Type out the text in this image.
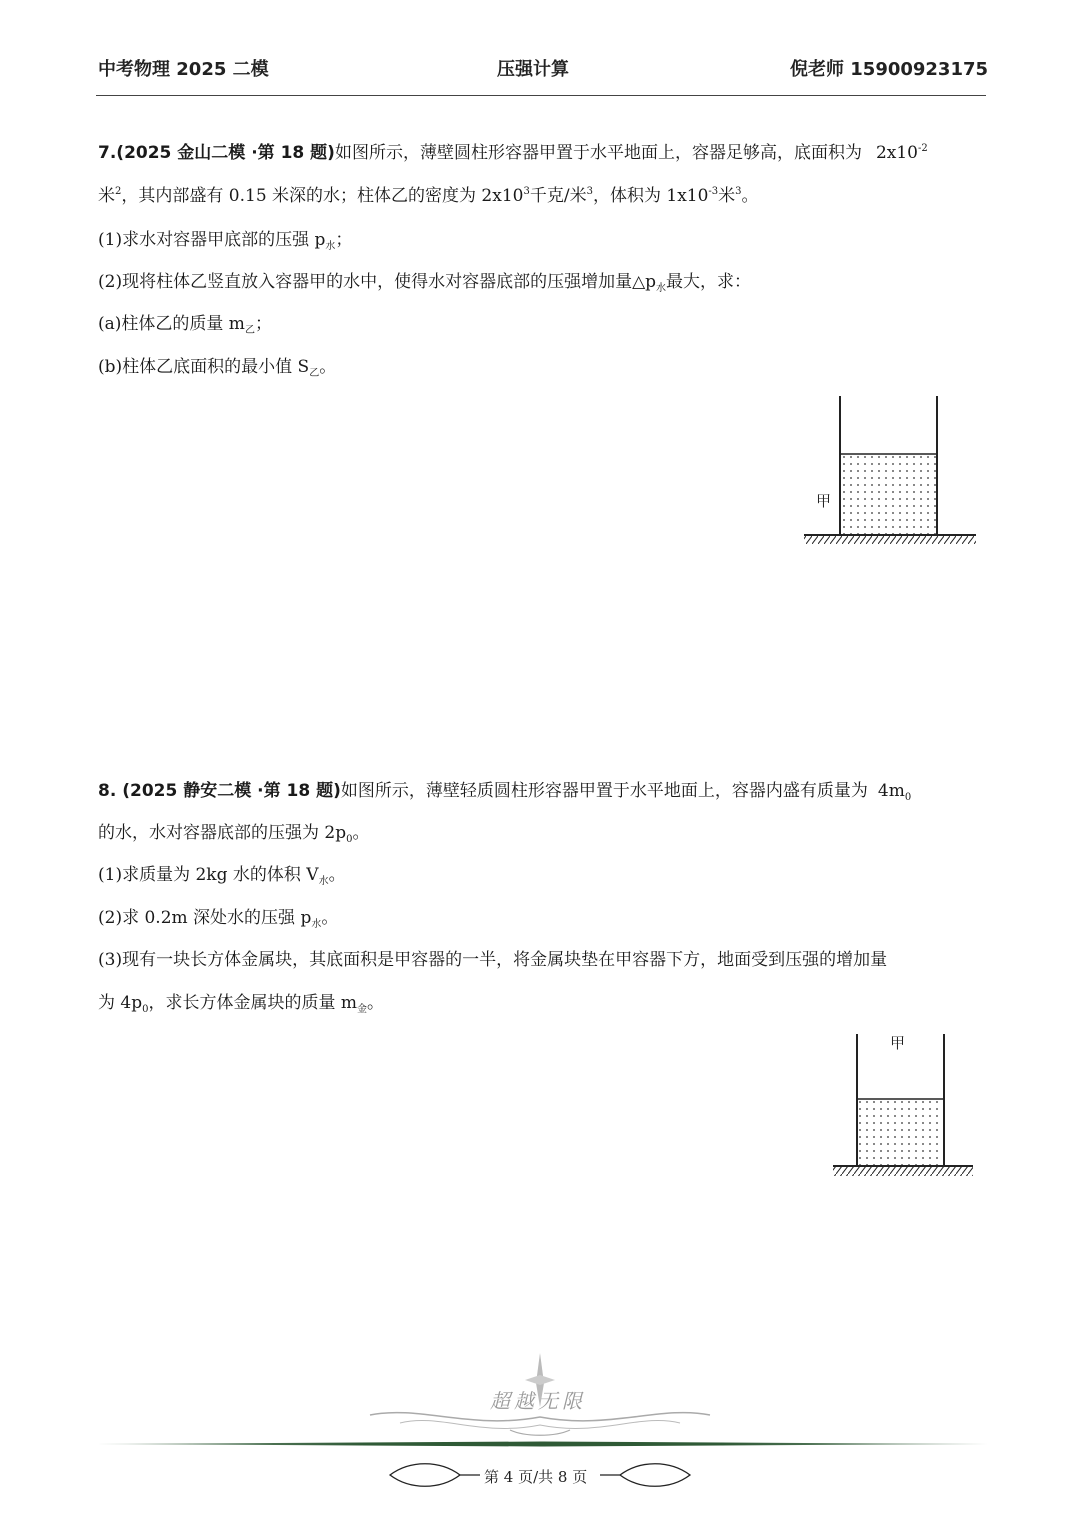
中考物理 2025 二模	压强计算	倪老师 15900923175
7.(2025 金山二模 ·第 18 题)如图所示，薄壁圆柱形容器甲置于水平地面上，容器足够高，底面积为 $2x10^{-2}$
米$^2$，其内部盛有 0.15 米深的水；柱体乙的密度为 $2x10^3$千克/米$^3$，体积为 $1x10^{-3}$米$^3$。
(1)求水对容器甲底部的压强 $p_水$；
(2)现将柱体乙竖直放入容器甲的水中，使得水对容器底部的压强增加量$\triangle p_水$最大，求：
(a)柱体乙的质量 $m_乙$；
(b)柱体乙底面积的最小值 $S_乙$。
甲
8. (2025 静安二模 ·第 18 题)如图所示，薄壁轻质圆柱形容器甲置于水平地面上，容器内盛有质量为 $4m_0$
的水，水对容器底部的压强为 $2p_0$。
(1)求质量为 2kg 水的体积 $V_水$。
(2)求 0.2m 深处水的压强 $p_水$。
(3)现有一块长方体金属块，其底面积是甲容器的一半，将金属块垫在甲容器下方，地面受到压强的增加量
为 $4p_0$，求长方体金属块的质量 $m_金$。
甲
超越无限
第 4 页/共 8 页
